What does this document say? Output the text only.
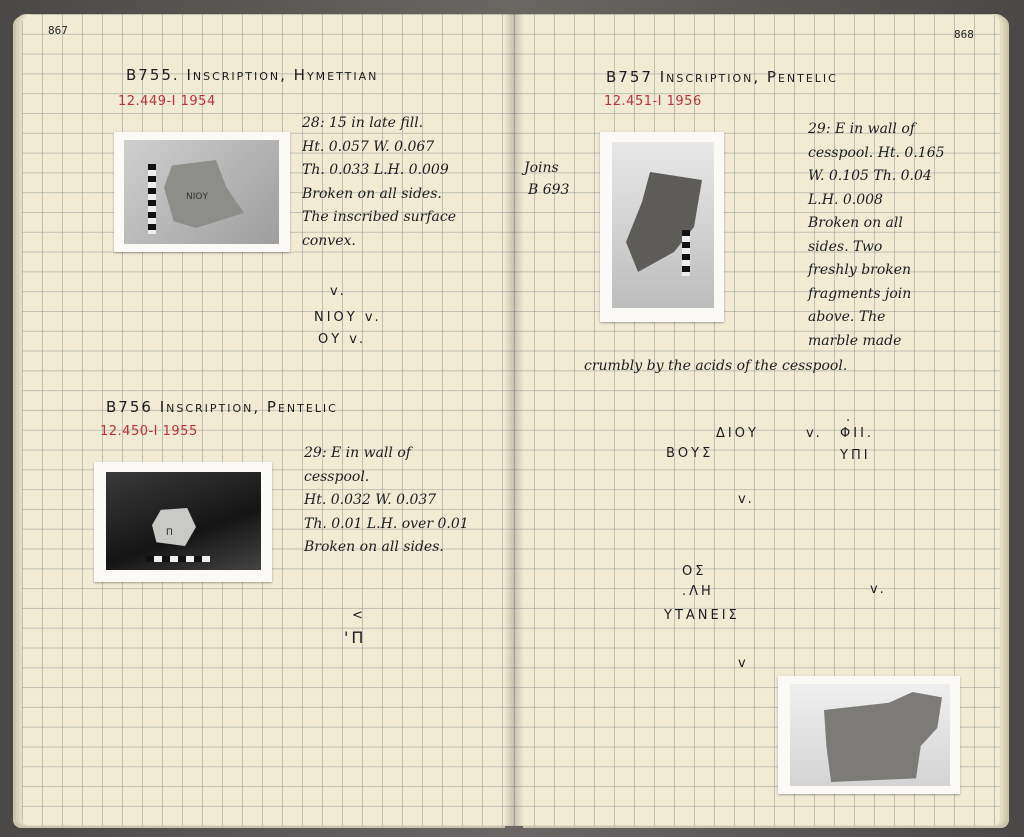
867
B755. Inscription, Hymettian
12.449-I 1954
ΝΙΟΥ
28: 15 in late fill.
Ht. 0.057 W. 0.067
Th. 0.033 L.H. 0.009
Broken on all sides.
The inscribed surface
convex.
v.
ΝΙΟΥ v.
ΟΥ v.
B756 Inscription, Pentelic
12.450-I 1955
Π
29: E in wall of
cesspool.
Ht. 0.032 W. 0.037
Th. 0.01 L.H. over 0.01
Broken on all sides.
<
'Π
868
B757 Inscription, Pentelic
12.451-I 1956
Joins
B 693
29: E in wall of
cesspool. Ht. 0.165
W. 0.105 Th. 0.04
L.H. 0.008
Broken on all
sides. Two
freshly broken
fragments join
above. The
marble made
crumbly by the acids of the cesspool.
.
ΔΙΟΥ	v. ΦΙΙ.
ΒΟΥΣ	ΥΠΙ
v.
ΟΣ
.ΛΗ	v.
ΥΤΑΝΕΙΣ
v
